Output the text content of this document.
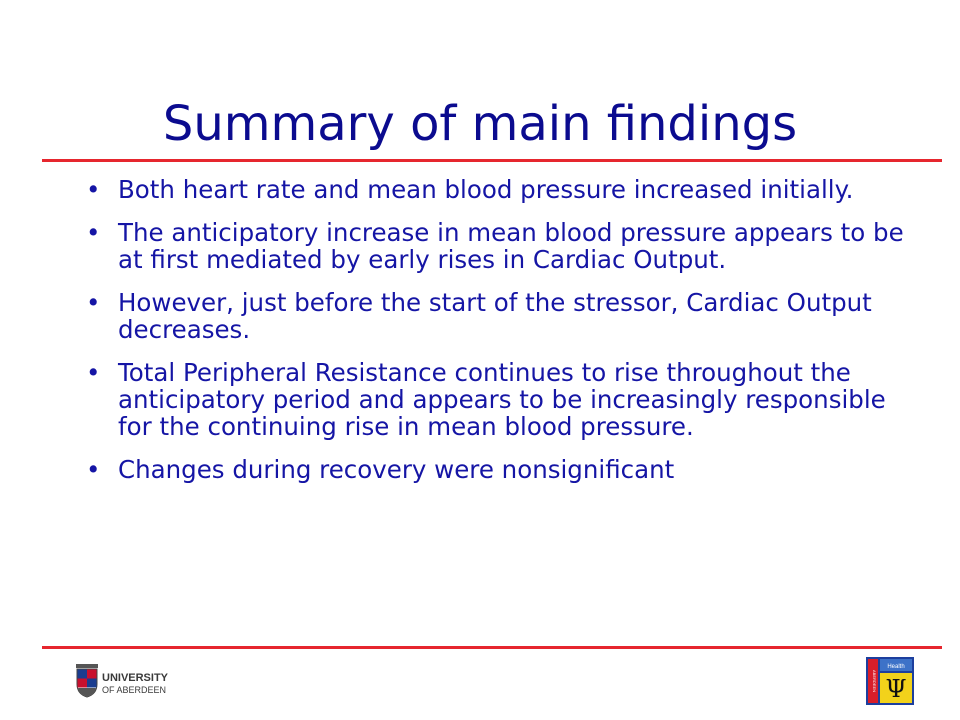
Summary of main findings
• Both heart rate and mean blood pressure increased initially.
• The anticipatory increase in mean blood pressure appears to be at first mediated by early rises in Cardiac Output.
• However, just before the start of the stressor, Cardiac Output decreases.
• Total Peripheral Resistance continues to rise throughout the anticipatory period and appears to be increasingly responsible for the continuing rise in mean blood pressure.
• Changes during recovery were nonsignificant
UNIVERSITY
OF ABERDEEN
Health
Ψ
ABERDEEN
